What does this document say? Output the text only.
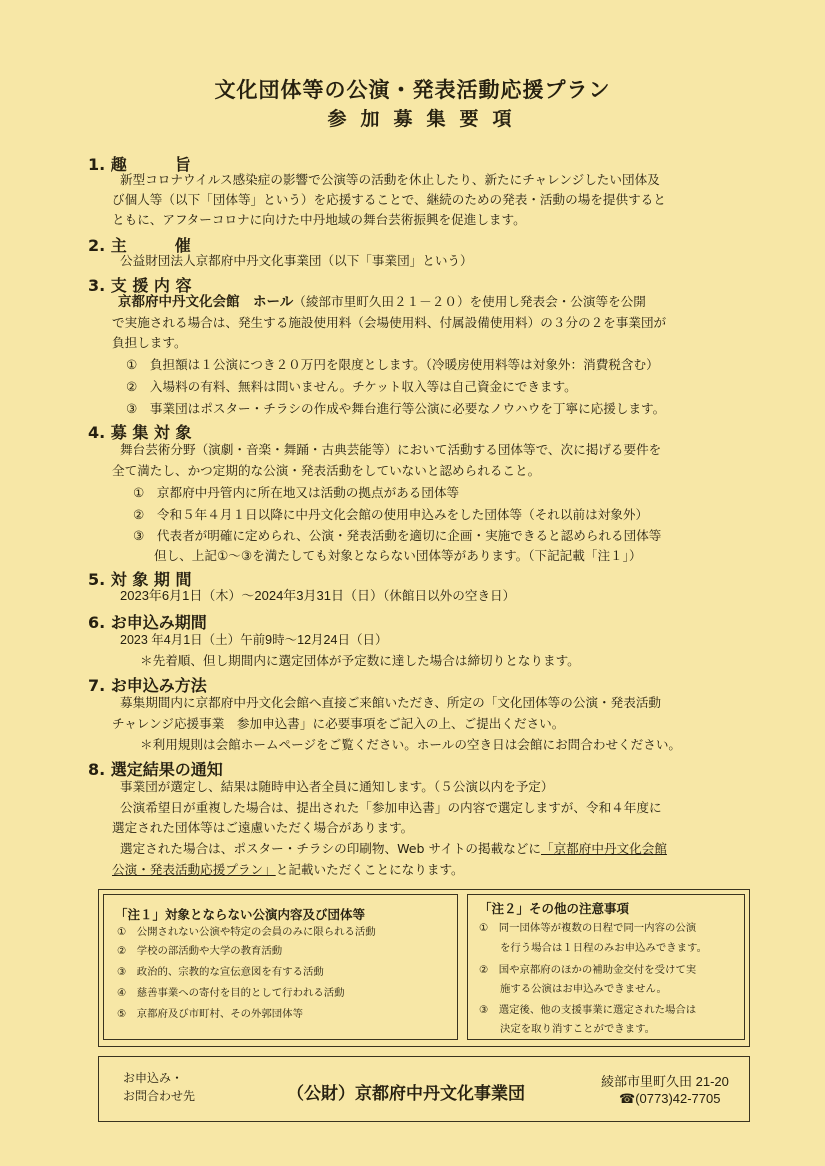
文化団体等の公演・発表活動応援プラン
参加募集要項
1. 趣　　　旨
新型コロナウイルス感染症の影響で公演等の活動を休止したり、新たにチャレンジしたい団体及
び個人等（以下「団体等」という）を応援することで、継続のための発表・活動の場を提供すると
ともに、アフターコロナに向けた中丹地域の舞台芸術振興を促進します。
2. 主　　　催
公益財団法人京都府中丹文化事業団（以下「事業団」という）
3. 支 援 内 容
京都府中丹文化会館　ホール（綾部市里町久田２１－２０）を使用し発表会・公演等を公開
で実施される場合は、発生する施設使用料（会場使用料、付属設備使用料）の３分の２を事業団が
負担します。
①　負担額は１公演につき２０万円を限度とします。（冷暖房使用料等は対象外：消費税含む）
②　入場料の有料、無料は問いません。チケット収入等は自己資金にできます。
③　事業団はポスター・チラシの作成や舞台進行等公演に必要なノウハウを丁寧に応援します。
4. 募 集 対 象
舞台芸術分野（演劇・音楽・舞踊・古典芸能等）において活動する団体等で、次に掲げる要件を
全て満たし、かつ定期的な公演・発表活動をしていないと認められること。
①　京都府中丹管内に所在地又は活動の拠点がある団体等
②　令和５年４月１日以降に中丹文化会館の使用申込みをした団体等（それ以前は対象外）
③　代表者が明確に定められ、公演・発表活動を適切に企画・実施できると認められる団体等
但し、上記①～③を満たしても対象とならない団体等があります。（下記記載「注１」）
5. 対 象 期 間
2023年6月1日（木）～2024年3月31日（日）（休館日以外の空き日）
6. お申込み期間
2023 年4月1日（土）午前9時～12月24日（日）
＊先着順、但し期間内に選定団体が予定数に達した場合は締切りとなります。
7. お申込み方法
募集期間内に京都府中丹文化会館へ直接ご来館いただき、所定の「文化団体等の公演・発表活動
チャレンジ応援事業　参加申込書」に必要事項をご記入の上、ご提出ください。
＊利用規則は会館ホームページをご覧ください。ホールの空き日は会館にお問合わせください。
8. 選定結果の通知
事業団が選定し、結果は随時申込者全員に通知します。（５公演以内を予定）
公演希望日が重複した場合は、提出された「参加申込書」の内容で選定しますが、令和４年度に
選定された団体等はご遠慮いただく場合があります。
選定された場合は、ポスター・チラシの印刷物、Web サイトの掲載などに「京都府中丹文化会館
公演・発表活動応援プラン」と記載いただくことになります。
「注１」対象とならない公演内容及び団体等
①　公開されない公演や特定の会員のみに限られる活動
②　学校の部活動や大学の教育活動
③　政治的、宗教的な宣伝意図を有する活動
④　慈善事業への寄付を目的として行われる活動
⑤　京都府及び市町村、その外郭団体等
「注２」その他の注意事項
①　同一団体等が複数の日程で同一内容の公演
を行う場合は１日程のみお申込みできます。
②　国や京都府のほかの補助金交付を受けて実
施する公演はお申込みできません。
③　選定後、他の支援事業に選定された場合は
決定を取り消すことができます。
お申込み・
お問合わせ先	（公財）京都府中丹文化事業団
綾部市里町久田 21-20
☎(0773)42-7705
